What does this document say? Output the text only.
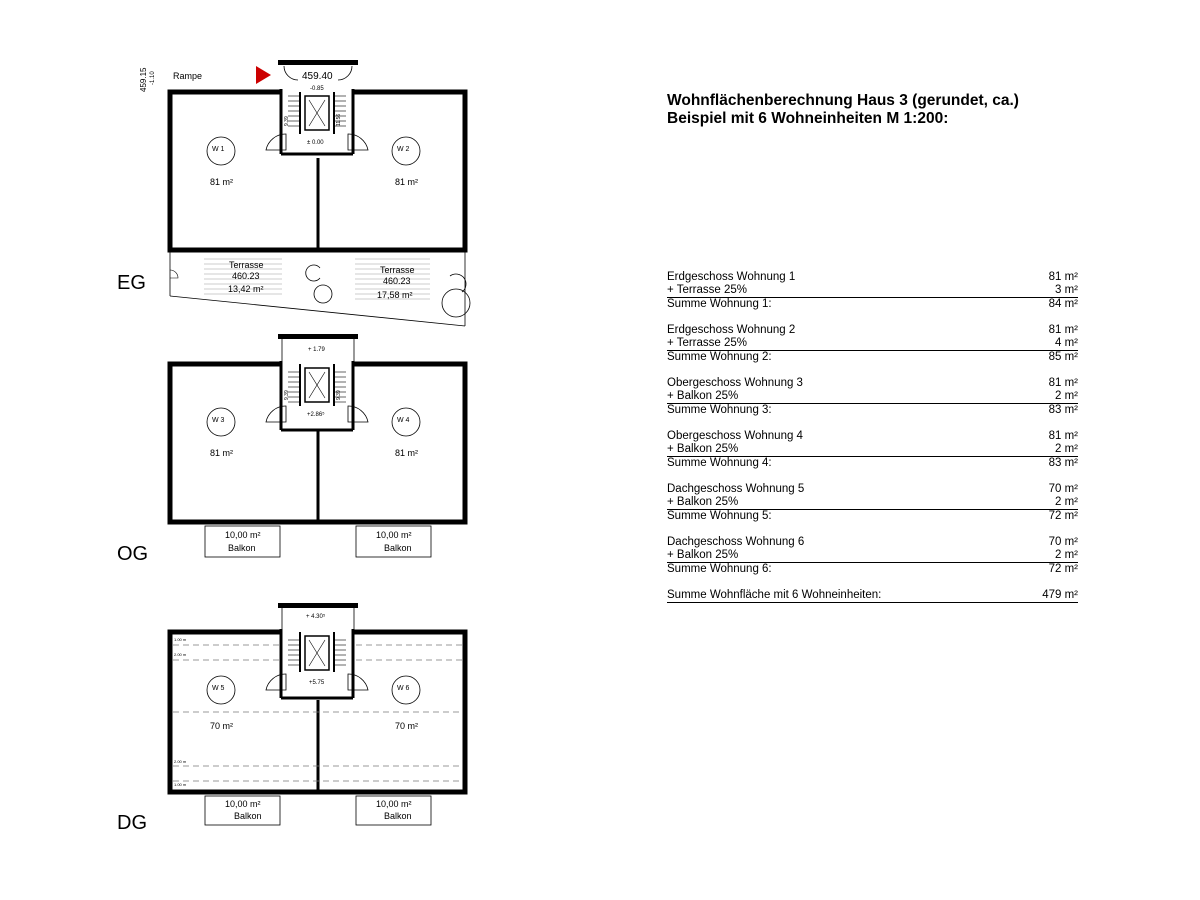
EG
Rampe
459.15 -1.10	459.40
-0.85
± 0.00
9.39	11.56
W 1	W 2
81 m²	81 m²
Terrasse
460.23
13,42 m²
Terrasse
460.23
17,58 m²
OG
+ 1.79
+2.86⁵
9.39	9.39
W 3	W 4
81 m²	81 m²
10,00 m²
Balkon
10,00 m²
Balkon
DG
+ 4.30⁵
+5.75
W 5	W 6
70 m²	70 m²
1.00 m
2.00 m
2.00 m
1.00 m
10,00 m²
Balkon
10,00 m²
Balkon
Wohnflächenberechnung Haus 3 (gerundet, ca.)
Beispiel mit 6 Wohneinheiten M 1:200:
Erdgeschoss Wohnung 1	81 m²
+ Terrasse 25%	3 m²
Summe Wohnung 1:	84 m²
Erdgeschoss Wohnung 2	81 m²
+ Terrasse 25%	4 m²
Summe Wohnung 2:	85 m²
Obergeschoss Wohnung 3	81 m²
+ Balkon 25%	2 m²
Summe Wohnung 3:	83 m²
Obergeschoss Wohnung 4	81 m²
+ Balkon 25%	2 m²
Summe Wohnung 4:	83 m²
Dachgeschoss Wohnung 5	70 m²
+ Balkon 25%	2 m²
Summe Wohnung 5:	72 m²
Dachgeschoss Wohnung 6	70 m²
+ Balkon 25%	2 m²
Summe Wohnung 6:	72 m²
Summe Wohnfläche mit 6 Wohneinheiten:	479 m²
